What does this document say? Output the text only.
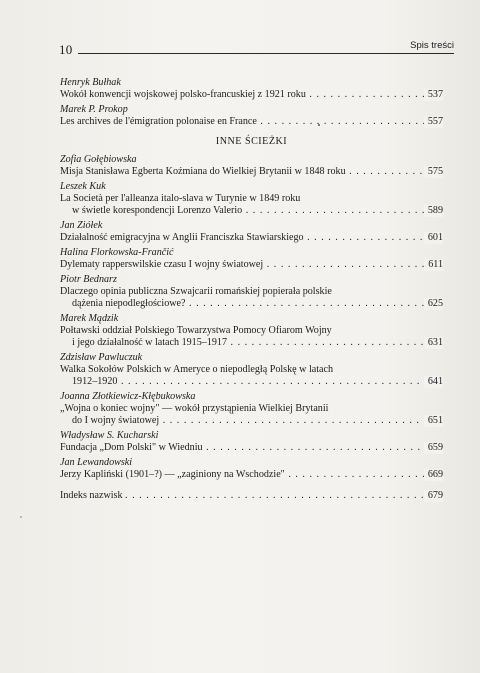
10	Spis treści
Henryk Bułhak
Wokół konwencji wojskowej polsko-francuskiej z 1921 roku	537
. . .
Marek P. Prokop
Les archives de l'émigration polonaise en France	557
. . .
INNE ŚCIEŻKI
Zofia Gołębiowska
Misja Stanisława Egberta Koźmiana do Wielkiej Brytanii w 1848 roku	575
. . .
Leszek Kuk
La Società per l'alleanza italo-slava w Turynie w 1849 roku
w świetle korespondencji Lorenzo Valerio	589
. . .
Jan Ziółek
Działalność emigracyjna w Anglii Franciszka Stawiarskiego	601
. . .
Halina Florkowska-Frančić
Dylematy rapperswilskie czasu I wojny światowej	611
. . .
Piotr Bednarz
Dlaczego opinia publiczna Szwajcarii romańskiej popierała polskie
dążenia niepodległościowe?	625
. . .
Marek Mądzik
Połtawski oddział Polskiego Towarzystwa Pomocy Ofiarom Wojny
i jego działalność w latach 1915–1917	631
. . .
Zdzisław Pawluczuk
Walka Sokołów Polskich w Ameryce o niepodległą Polskę w latach
1912–1920	641
. . .
Joanna Złotkiewicz-Kłębukowska
„Wojna o koniec wojny" — wokół przystąpienia Wielkiej Brytanii
do I wojny światowej	651
. . .
Władysław S. Kucharski
Fundacja „Dom Polski" w Wiedniu	659
. . .
Jan Lewandowski
Jerzy Kapliński (1901–?) — „zaginiony na Wschodzie"	669
. . .
Indeks nazwisk	679
. . .
